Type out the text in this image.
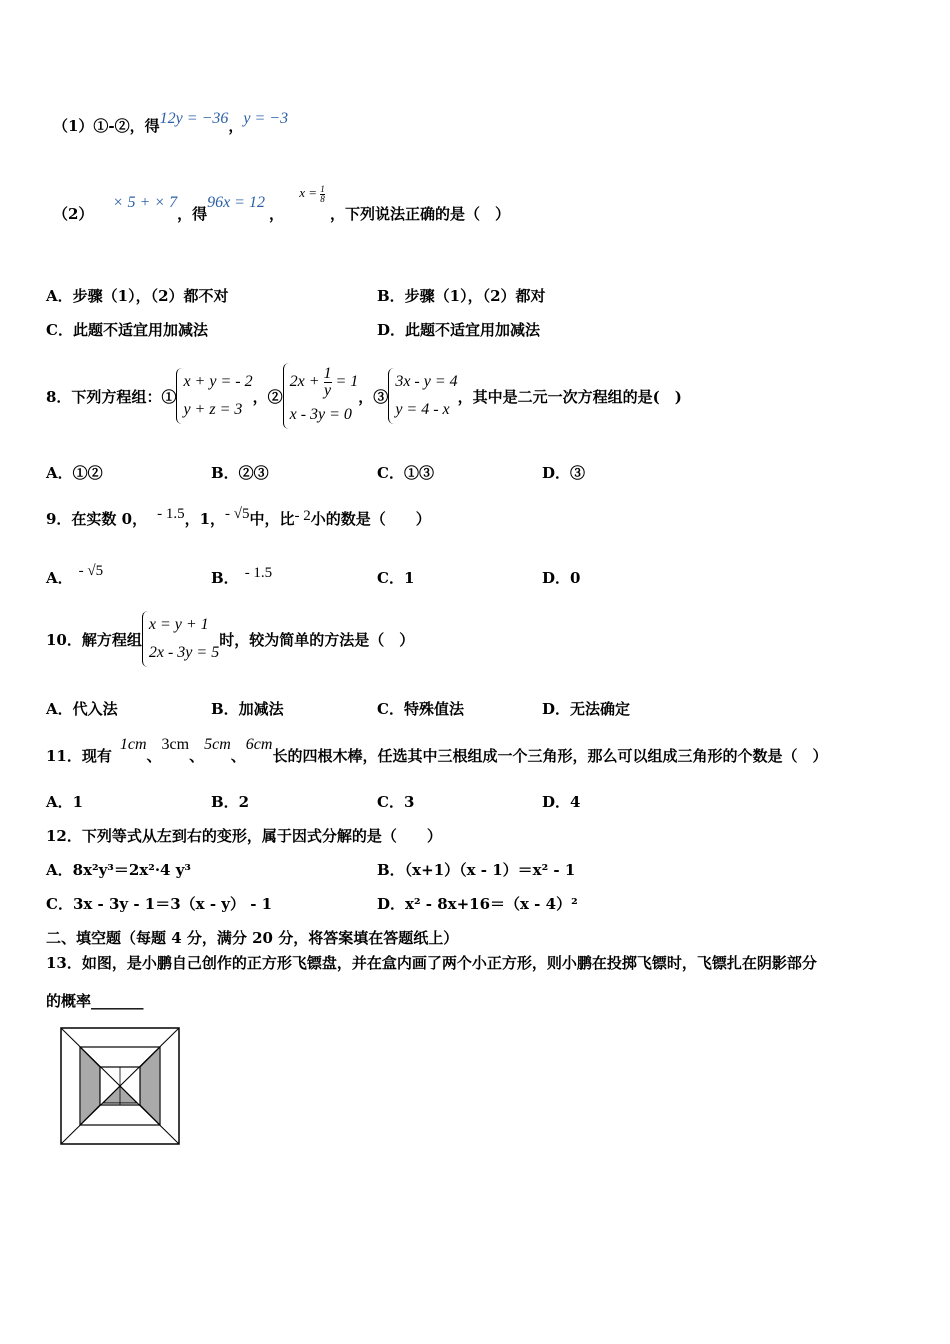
（1）①-②，得12y = −36，y = −3
（2） × 5 + × 7，得96x = 12， $x = \frac{1}{8}$
，下列说法正确的是（　）
A．步骤（1），（2）都不对	B．步骤（1），（2）都对
C．此题不适宜用加减法	D．此题不适宜用加减法
8．下列方程组：①
x + y = - 2
y + z = 3
，②
$2x + \frac{1}{y} = 1$
x - 3y = 0
，③
3x - y = 4
y = 4 - x
，其中是二元一次方程组的是(　)
A．①②	B．②③	C．①③	D．③
9．在实数 0， - 1.5，1，- √5中，比- 2小的数是（　　）
A． - √5	B． - 1.5	C．1	D．0
10．解方程组
x = y + 1
2x - 3y = 5
时，较为简单的方法是（　）
A．代入法	B．加减法	C．特殊值法	D．无法确定
11．现有1cm、3cm、5cm、6cm长的四根木棒，任选其中三根组成一个三角形，那么可以组成三角形的个数是（　）
A．1	B．2	C．3	D．4
12．下列等式从左到右的变形，属于因式分解的是（　　）
A．8x²y³＝2x²·4 y³	B．（x+1）（x - 1）＝x² - 1
C．3x - 3y - 1＝3（x - y） - 1	D．x² - 8x+16＝（x - 4）²
二、填空题（每题 4 分，满分 20 分，将答案填在答题纸上）
13．如图，是小鹏自己创作的正方形飞镖盘，并在盒内画了两个小正方形，则小鹏在投掷飞镖时，飞镖扎在阴影部分
的概率_______
